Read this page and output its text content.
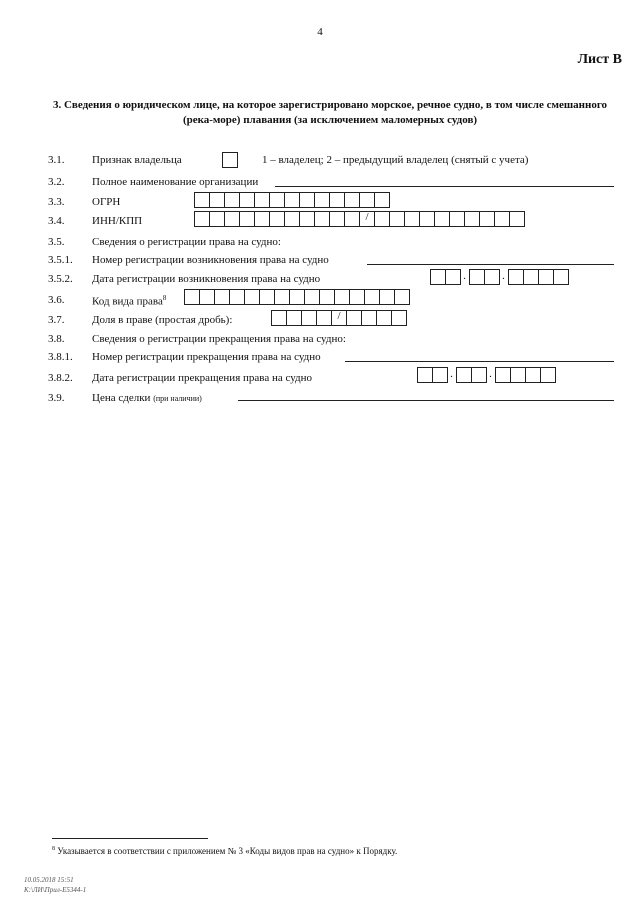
4
Лист В
3. Сведения о юридическом лице, на которое зарегистрировано морское, речное судно, в том числе смешанного (река-море) плавания (за исключением маломерных судов)
3.1.	Признак владельца	1 – владелец; 2 – предыдущий владелец (снятый с учета)
3.2.	Полное наименование организации
3.3.	ОГРН
3.4.	ИНН/КПП
/
3.5.	Сведения о регистрации права на судно:
3.5.1. Номер регистрации возникновения права на судно
3.5.2. Дата регистрации возникновения права на судно	.	.
3.6.	Код вида права$^8$
3.7.	Доля в праве (простая дробь):
/
3.8.	Сведения о регистрации прекращения права на судно:
3.8.1. Номер регистрации прекращения права на судно
3.8.2. Дата регистрации прекращения права на судно	.	.
3.9.	Цена сделки (при наличии)
$^8$ Указывается в соответствии с приложением № 3 «Коды видов прав на судно» к Порядку.
10.05.2018 15:51
К:\ЛИ\Прил-Е5344-1
